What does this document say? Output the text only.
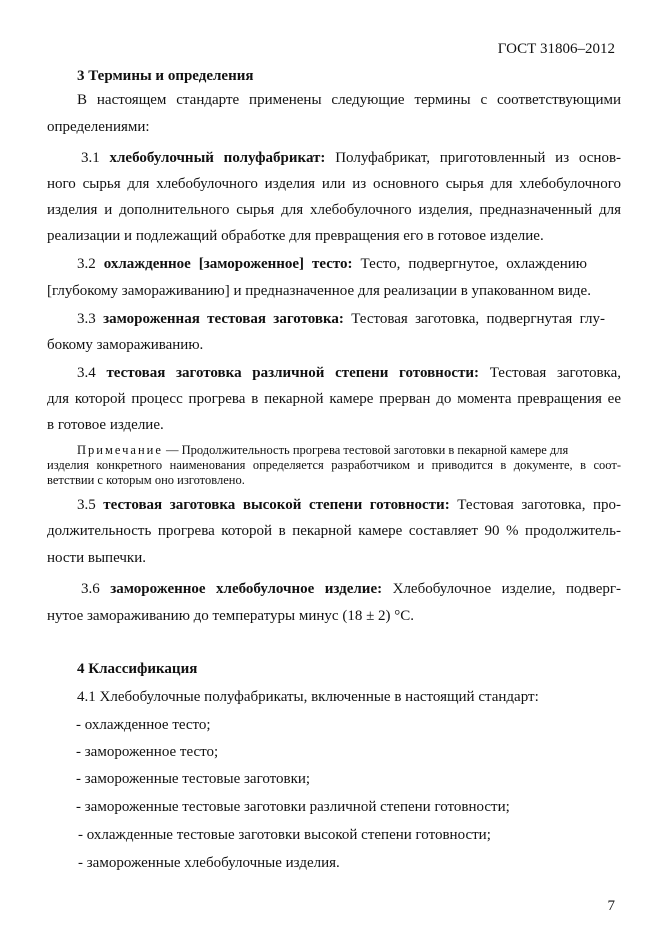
ГОСТ 31806–2012
3 Термины и определения
В настоящем стандарте применены следующие термины с соответствующими
определениями:
3.1 хлебобулочный полуфабрикат: Полуфабрикат, приготовленный из основ-
ного сырья для хлебобулочного изделия или из основного сырья для хлебобулочного
изделия и дополнительного сырья для хлебобулочного изделия, предназначенный для
реализации и подлежащий обработке для превращения его в готовое изделие.
3.2 охлажденное [замороженное] тесто: Тесто, подвергнутое, охлаждению
[глубокому замораживанию] и предназначенное для реализации в упакованном виде.
3.3 замороженная тестовая заготовка: Тестовая заготовка, подвергнутая глу-
бокому замораживанию.
3.4 тестовая заготовка различной степени готовности: Тестовая заготовка,
для которой процесс прогрева в пекарной камере прерван до момента превращения ее
в готовое изделие.
Примечание — Продолжительность прогрева тестовой заготовки в пекарной камере для
изделия конкретного наименования определяется разработчиком и приводится в документе, в соот-
ветствии с которым оно изготовлено.
3.5 тестовая заготовка высокой степени готовности: Тестовая заготовка, про-
должительность прогрева которой в пекарной камере составляет 90 % продолжитель-
ности выпечки.
3.6 замороженное хлебобулочное изделие: Хлебобулочное изделие, подверг-
нутое замораживанию до температуры минус (18 ± 2) °С.
4 Классификация
4.1 Хлебобулочные полуфабрикаты, включенные в настоящий стандарт:
- охлажденное тесто;
- замороженное тесто;
- замороженные тестовые заготовки;
- замороженные тестовые заготовки различной степени готовности;
- охлажденные тестовые заготовки высокой степени готовности;
- замороженные хлебобулочные изделия.
7
